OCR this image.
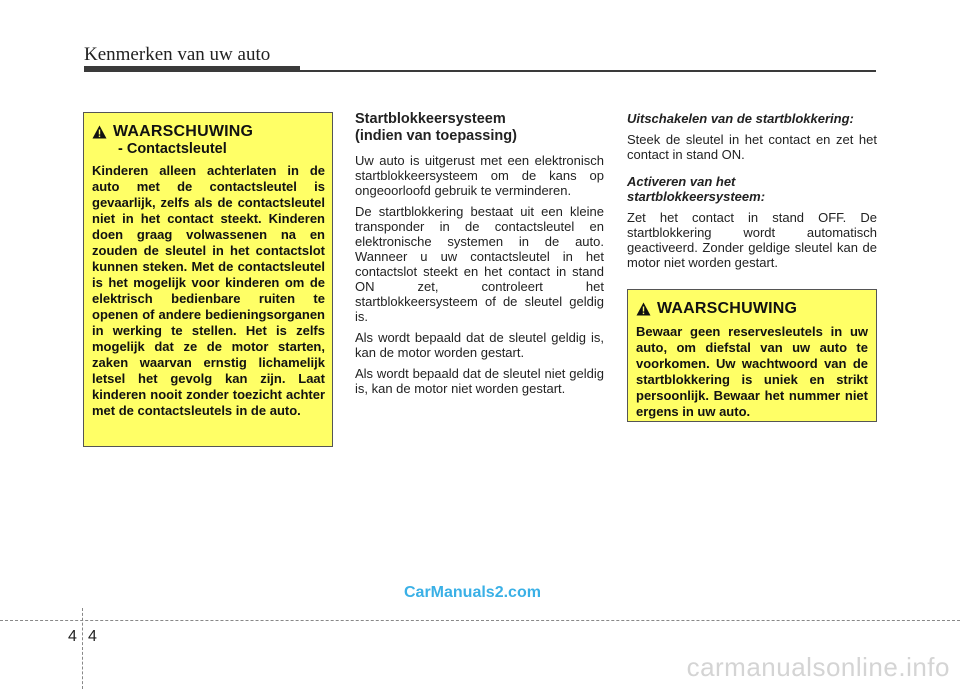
Kenmerken van uw auto
WAARSCHUWING
- Contactsleutel
Kinderen alleen achterlaten in de auto met de contactsleutel is gevaarlijk, zelfs als de contactsleutel niet in het contact steekt. Kinderen doen graag volwassenen na en zouden de sleutel in het contactslot kunnen steken. Met de contactsleutel is het mogelijk voor kinderen om de elektrisch bedienbare ruiten te openen of andere bedieningsorganen in werking te stellen. Het is zelfs mogelijk dat ze de motor starten, zaken waarvan ernstig lichamelijk letsel het gevolg kan zijn. Laat kinderen nooit zonder toezicht achter met de contactsleutels in de auto.
Startblokkeersysteem
(indien van toepassing)

Uw auto is uitgerust met een elektronisch startblokkeersysteem om de kans op ongeoorloofd gebruik te verminderen.

De startblokkering bestaat uit een kleine transponder in de contactsleutel en elektronische systemen in de auto. Wanneer u uw contactsleutel in het contactslot steekt en het contact in stand ON zet, controleert het startblokkeersysteem of de sleutel geldig is.

Als wordt bepaald dat de sleutel geldig is, kan de motor worden gestart.

Als wordt bepaald dat de sleutel niet geldig is, kan de motor niet worden gestart.

Uitschakelen van de startblokkering:

Steek de sleutel in het contact en zet het contact in stand ON.

Activeren van het
startblokkeersysteem:

Zet het contact in stand OFF. De startblokkering wordt automatisch geactiveerd. Zonder geldige sleutel kan de motor niet worden gestart.

WAARSCHUWING
Bewaar geen reservesleutels in uw auto, om diefstal van uw auto te voorkomen. Uw wachtwoord van de startblokkering is uniek en strikt persoonlijk. Bewaar het nummer niet ergens in uw auto.
CarManuals2.com
4 4
carmanualsonline.info
